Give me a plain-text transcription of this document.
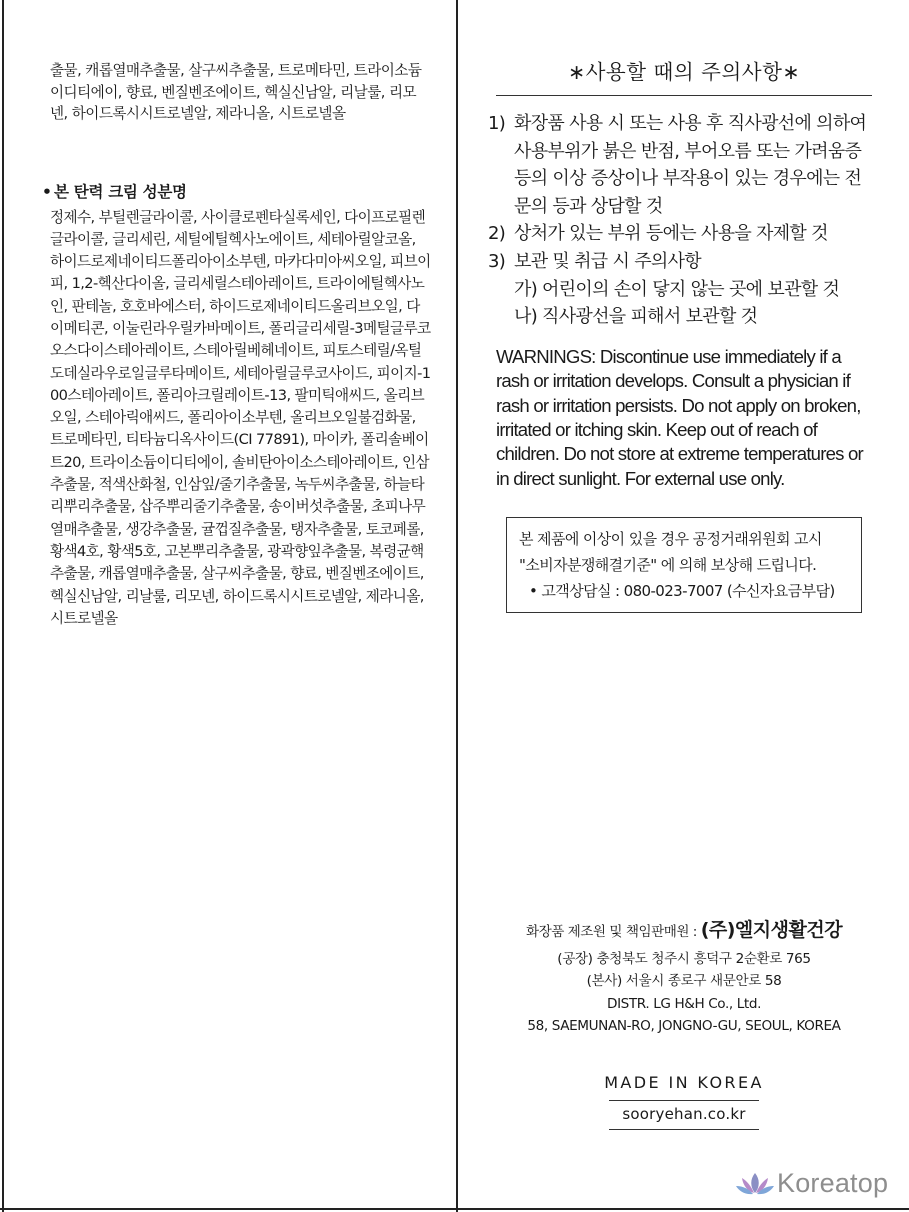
출물, 캐롭열매추출물, 살구씨추출물, 트로메타민, 트라이소듐이디티에이, 향료, 벤질벤조에이트, 헥실신남알, 리날룰, 리모넨, 하이드록시시트로넬알, 제라니올, 시트로넬올

• 본 탄력 크림 성분명

정제수, 부틸렌글라이콜, 사이클로펜타실록세인, 다이프로필렌글라이콜, 글리세린, 세틸에틸헥사노에이트, 세테아릴알코올, 하이드로제네이티드폴리아이소부텐, 마카다미아씨오일, 피브이피, 1,2-헥산다이올, 글리세릴스테아레이트, 트라이에틸헥사노인, 판테놀, 호호바에스터, 하이드로제네이티드올리브오일, 다이메티콘, 이눌린라우릴카바메이트, 폴리글리세릴-3메틸글루코오스다이스테아레이트, 스테아릴베헤네이트, 피토스테릴/옥틸도데실라우로일글루타메이트, 세테아릴글루코사이드, 피이지-100스테아레이트, 폴리아크릴레이트-13, 팔미틱애씨드, 올리브오일, 스테아릭애씨드, 폴리아이소부텐, 올리브오일불검화물, 트로메타민, 티타늄디옥사이드(CI 77891), 마이카, 폴리솔베이트20, 트라이소듐이디티에이, 솔비탄아이소스테아레이트, 인삼추출물, 적색산화철, 인삼잎/줄기추출물, 녹두씨추출물, 하늘타리뿌리추출물, 삽주뿌리줄기추출물, 송이버섯추출물, 초피나무열매추출물, 생강추출물, 귤껍질추출물, 탱자추출물, 토코페롤, 황색4호, 황색5호, 고본뿌리추출물, 광곽향잎추출물, 복령균핵추출물, 캐롭열매추출물, 살구씨추출물, 향료, 벤질벤조에이트, 헥실신남알, 리날룰, 리모넨, 하이드록시시트로넬알, 제라니올, 시트로넬올

∗사용할 때의 주의사항∗
1) 화장품 사용 시 또는 사용 후 직사광선에 의하여 사용부위가 붉은 반점, 부어오름 또는 가려움증 등의 이상 증상이나 부작용이 있는 경우에는 전문의 등과 상담할 것
2) 상처가 있는 부위 등에는 사용을 자제할 것
3) 보관 및 취급 시 주의사항
가) 어린이의 손이 닿지 않는 곳에 보관할 것
나) 직사광선을 피해서 보관할 것
WARNINGS: Discontinue use immediately if a rash or irritation develops. Consult a physician if rash or irritation persists. Do not apply on broken, irritated or itching skin. Keep out of reach of children. Do not store at extreme temperatures or in direct sunlight. For external use only.
본 제품에 이상이 있을 경우 공정거래위원회 고시
"소비자분쟁해결기준" 에 의해 보상해 드립니다.
• 고객상담실 : 080-023-7007 (수신자요금부담)
화장품 제조원 및 책임판매원 : (주)엘지생활건강
(공장) 충청북도 청주시 흥덕구 2순환로 765
(본사) 서울시 종로구 새문안로 58
DISTR. LG H&H Co., Ltd.
58, SAEMUNAN-RO, JONGNO-GU, SEOUL, KOREA
MADE IN KOREA
sooryehan.co.kr
Koreatop
